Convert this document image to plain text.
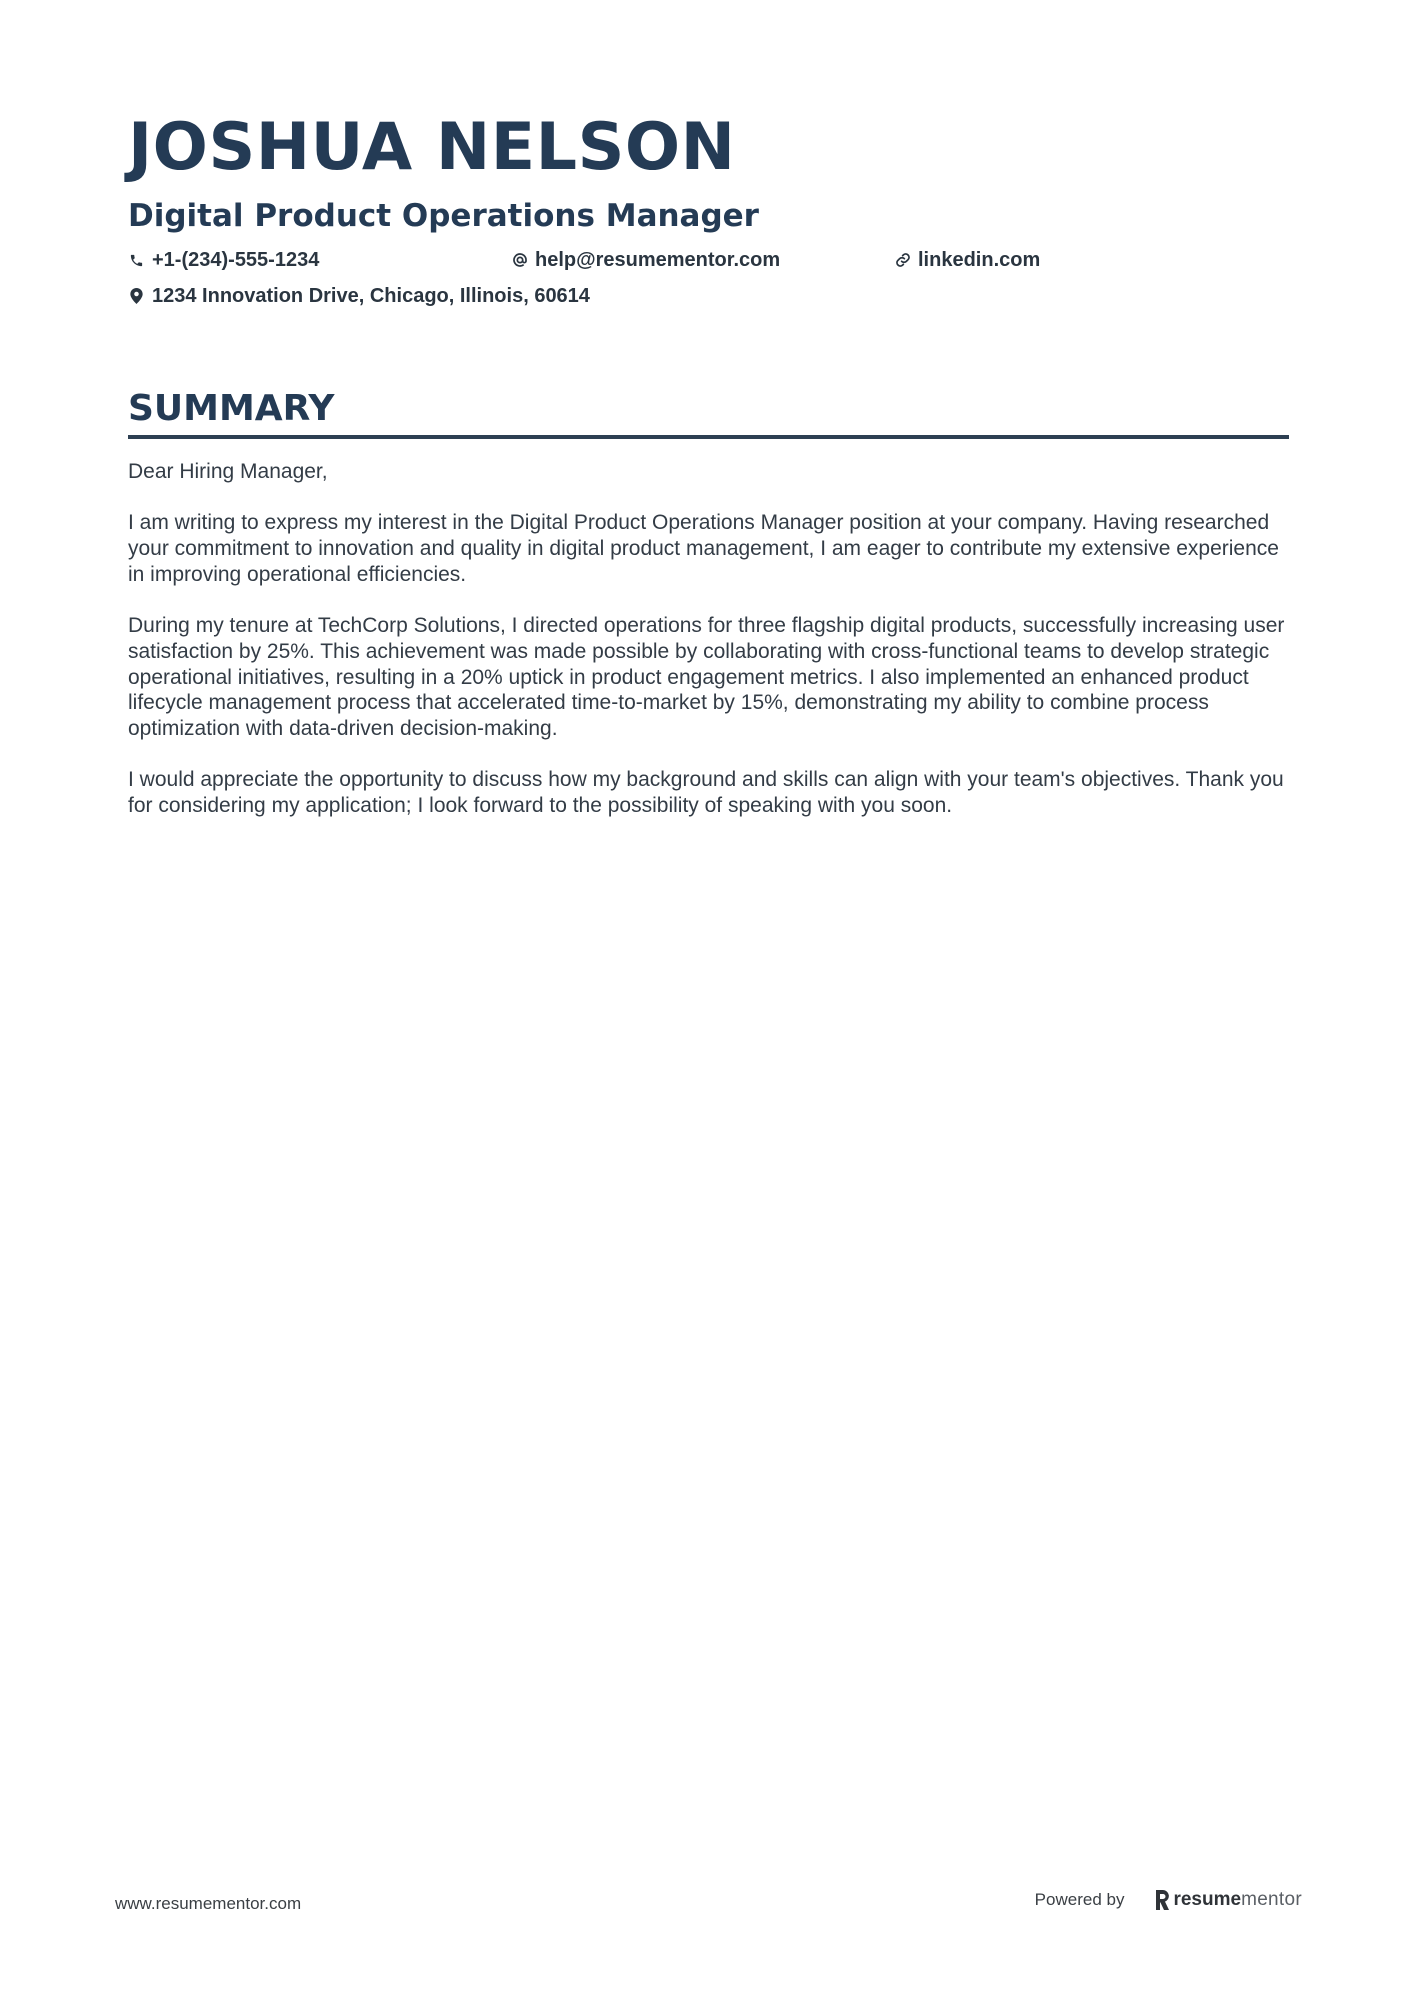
JOSHUA NELSON
Digital Product Operations Manager
+1-(234)-555-1234	help@resumementor.com	linkedin.com
1234 Innovation Drive, Chicago, Illinois, 60614
SUMMARY

Dear Hiring Manager,

I am writing to express my interest in the Digital Product Operations Manager position at your company. Having researched your commitment to innovation and quality in digital product management, I am eager to contribute my extensive experience in improving operational efficiencies.

During my tenure at TechCorp Solutions, I directed operations for three flagship digital products, successfully increasing user satisfaction by 25%. This achievement was made possible by collaborating with cross-functional teams to develop strategic operational initiatives, resulting in a 20% uptick in product engagement metrics. I also implemented an enhanced product lifecycle management process that accelerated time-to-market by 15%, demonstrating my ability to combine process optimization with data-driven decision-making.

I would appreciate the opportunity to discuss how my background and skills can align with your team's objectives. Thank you for considering my application; I look forward to the possibility of speaking with you soon.

www.resumementor.com	Powered by	resume mentor
